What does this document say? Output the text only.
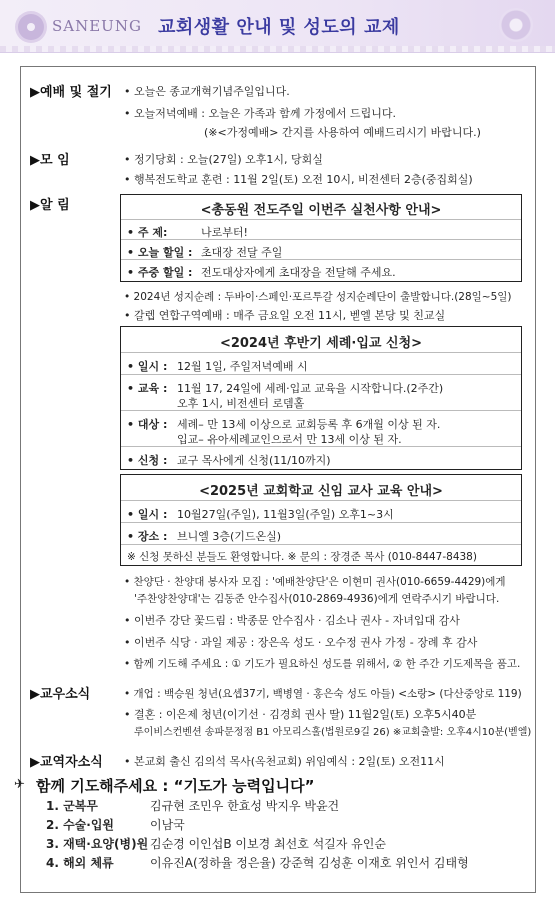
SANEUNG 교회생활 안내 및 성도의 교제
▶예배 및 절기 • 오늘은 종교개혁기념주일입니다.
• 오늘저녁예배 : 오늘은 가족과 함께 가정에서 드립니다.
(※<가정예배> 간지를 사용하여 예배드리시기 바랍니다.)
▶모 임	• 정기당회 : 오늘(27일) 오후1시, 당회실
• 행복전도학교 훈련 : 11월 2일(토) 오전 10시, 비전센터 2층(중집회실)
▶알 림	<총동원 전도주일 이번주 실천사항 안내>
• 주 제:	나로부터!
• 오늘 할일 : 초대장 전달 주일
• 주중 할일 : 전도대상자에게 초대장을 전달해 주세요.
• 2024년 성지순례 : 두바이·스페인·포르투갈 성지순례단이 출발합니다.(28일~5일)
• 갈렙 연합구역예배 : 매주 금요일 오전 11시, 벧엘 본당 및 친교실
<2024년 후반기 세례·입교 신청>
• 일시 : 12월 1일, 주일저녁예배 시
• 교육 : 11월 17, 24일에 세례·입교 교육을 시작합니다.(2주간)
오후 1시, 비전센터 로뎀홀
• 대상 : 세례– 만 13세 이상으로 교회등록 후 6개월 이상 된 자.
입교– 유아세례교인으로서 만 13세 이상 된 자.
• 신청 : 교구 목사에게 신청(11/10까지)
<2025년 교회학교 신임 교사 교육 안내>
• 일시 : 10월27일(주일), 11월3일(주일) 오후1~3시
• 장소 : 브니엘 3층(기드온실)
※ 신청 못하신 분들도 환영합니다. ※ 문의 : 장경준 목사 (010-8447-8438)
• 찬양단 · 찬양대 봉사자 모집 : '예배찬양단'은 이현미 권사(010-6659-4429)에게
'주찬양찬양대'는 김동준 안수집사(010-2869-4936)에게 연락주시기 바랍니다.
• 이번주 강단 꽃드림 : 박종문 안수집사 · 김소나 권사 - 자녀입대 감사
• 이번주 식당 · 과일 제공 : 장은옥 성도 · 오수정 권사 가정 - 장례 후 감사
• 함께 기도해 주세요 : ① 기도가 필요하신 성도를 위해서, ② 한 주간 기도제목을 품고.
▶교우소식	• 개업 : 백승원 청년(요셉37기, 백병열 · 홍은숙 성도 아들) <소랑> (다산중앙로 119)
• 결혼 : 이은제 청년(이기선 · 김경희 권사 딸) 11월2일(토) 오후5시40분
루이비스컨벤션 송파문정점 B1 아모리스홀(법원로9길 26) ※교회출발: 오후4시10분(벧엘)
▶교역자소식 • 본교회 출신 김의석 목사(옥천교회) 위임예식 : 2일(토) 오전11시
✈ 함께 기도해주세요 : “기도가 능력입니다”
1. 군복무	김규현 조민우 한효성 박지우 박윤건
2. 수술·입원	이남국
3. 재택·요양(병)원 김순경 이인섭B 이보경 최선호 석길자 유인순
4. 해외 체류	이유진A(정하율 정은율) 강준혁 김성훈 이재호 위인서 김태형
